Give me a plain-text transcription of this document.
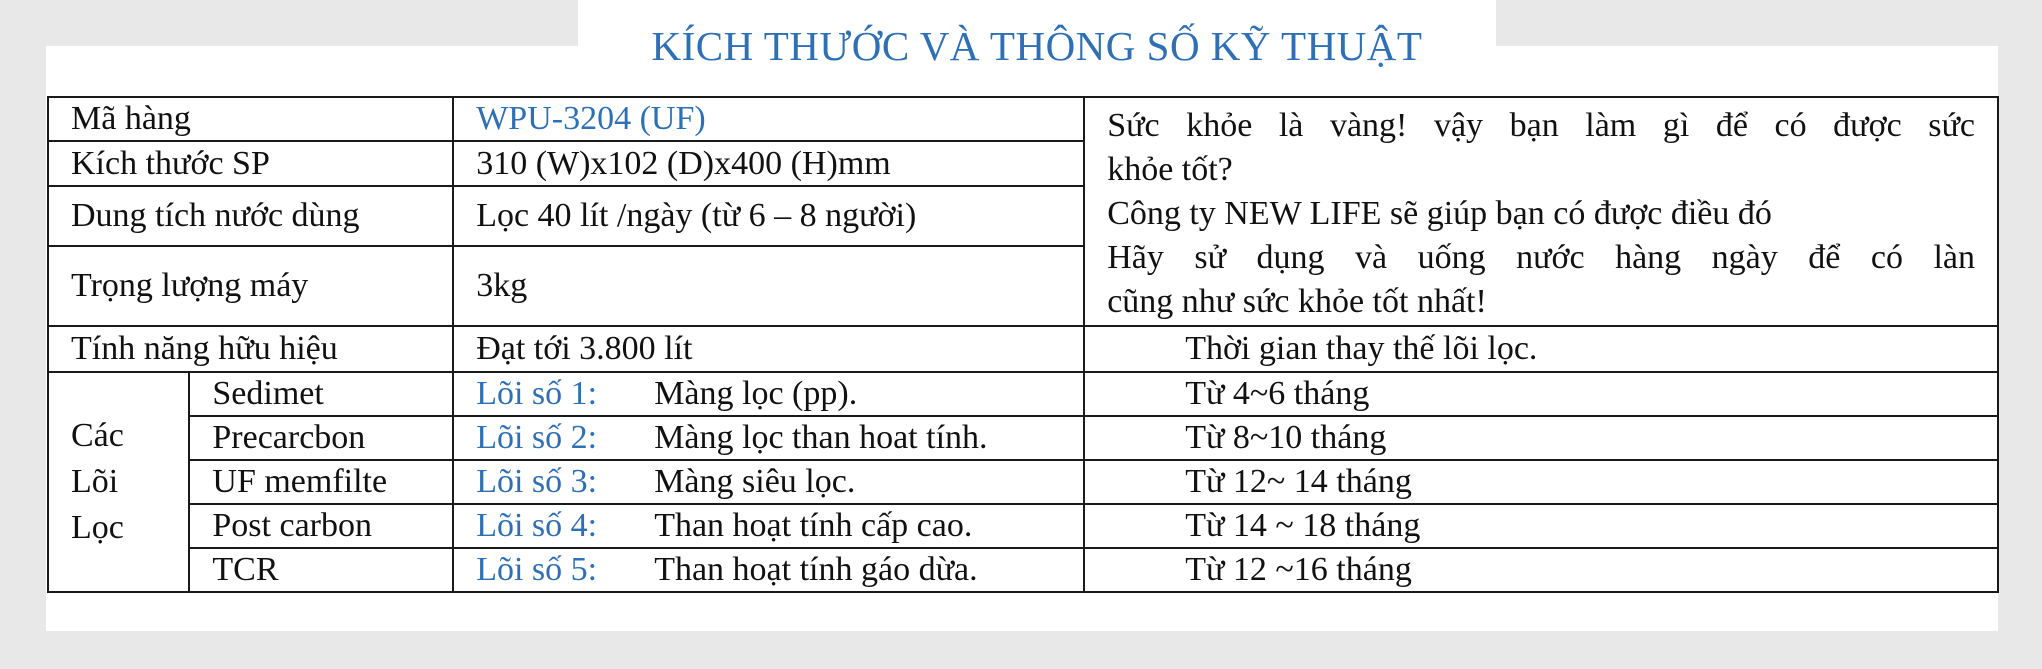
KÍCH THƯỚC VÀ THÔNG SỐ KỸ THUẬT
Mã hàng		WPU-3204 (UF)	Sức khỏe là vàng! vậy bạn làm gì để có được sức
khỏe tốt?
Công ty NEW LIFE sẽ giúp bạn có được điều đó
Hãy sử dụng và uống nước hàng ngày để có làn
cũng như sức khỏe tốt nhất!

Kích thước SP		310 (W)x102 (D)x400 (H)mm	
Dung tích nước dùng		Lọc 40 lít /ngày (từ 6 – 8 người)	
Trọng lượng máy		3kg	
Tính năng hữu hiệu		Đạt tới 3.800 lít	Thời gian thay thế lõi lọc.

Các
Lõi
Lọc	Sedimet	Lõi số 1: Màng lọc (pp).	Từ 4~6 tháng
	Precarcbon	Lõi số 2: Màng lọc than hoat tính.	Từ 8~10 tháng
	UF memfilte	Lõi số 3: Màng siêu lọc.	Từ 12~ 14 tháng
	Post carbon	Lõi số 4: Than hoạt tính cấp cao.	Từ 14 ~ 18 tháng
	TCR	Lõi số 5: Than hoạt tính gáo dừa.	Từ 12 ~16 tháng
